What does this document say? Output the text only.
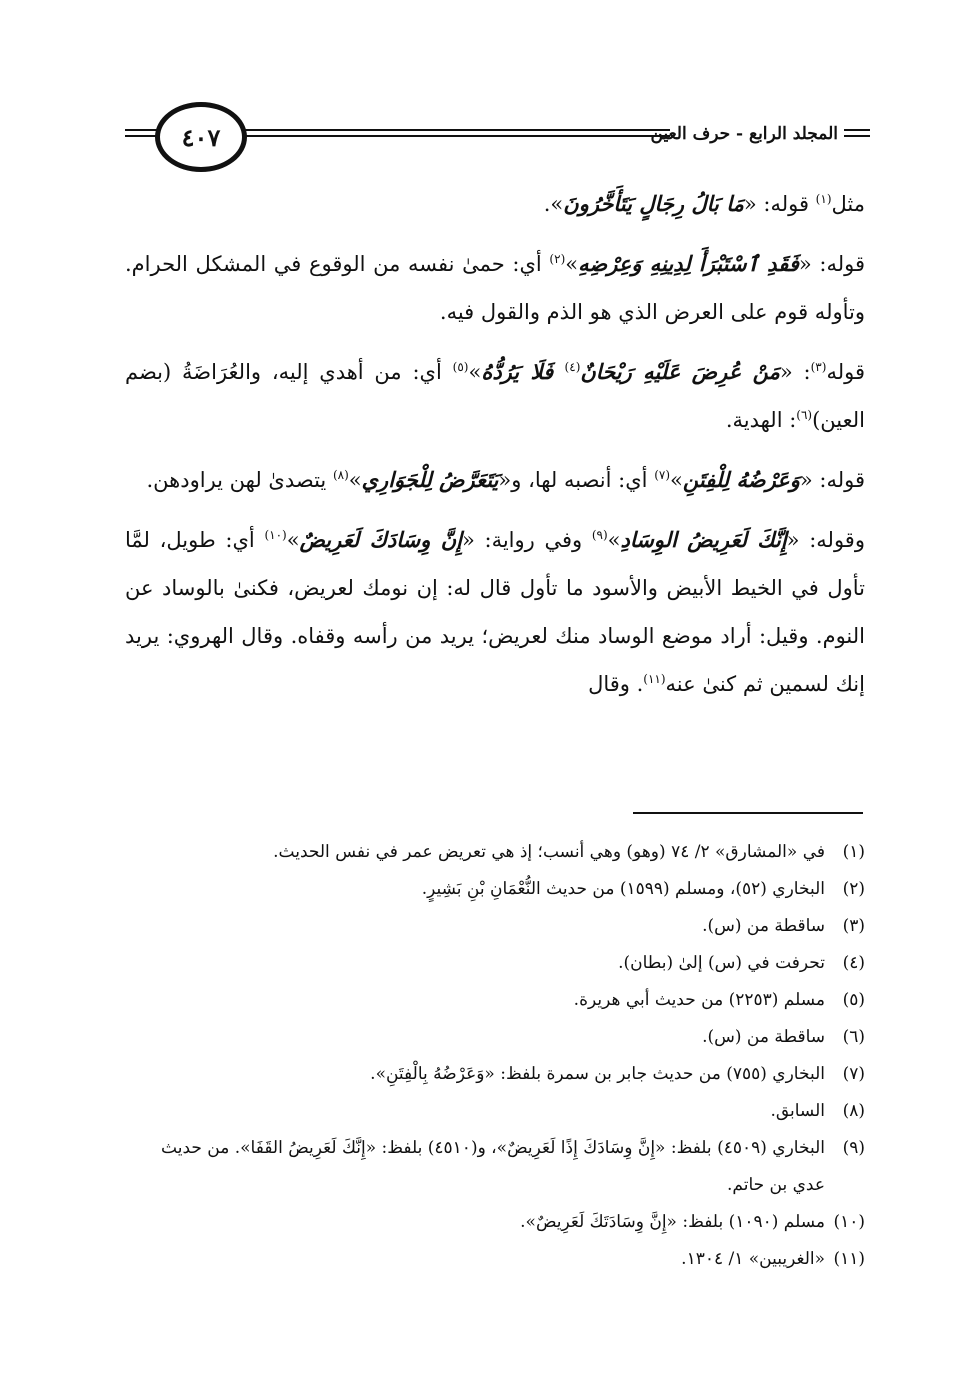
٤٠٧	المجلد الرابع - حرف العين

مثل$^{(١)}$ قوله: «مَا بَالُ رِجَالٍ يَتَأَخَّرُونَ».

قوله: «فَقَدِ ٱسْتَبْرَأَ لِدِينِهِ وَعِرْضِهِ»$^{(٢)}$ أي: حمىٰ نفسه من الوقوع في المشكل الحرام. وتأوله قوم على العرض الذي هو الذم والقول فيه.

قوله$^{(٣)}$: «مَنْ عُرِضَ عَلَيْهِ رَيْحَانٌ$^{(٤)}$ فَلَا يَرُدُّهُ»$^{(٥)}$ أي: من أهدي إليه، والعُرَاضَةُ (بضم العين)$^{(٦)}$: الهدية.

قوله: «وَعَرْضُهُ لِلْفِتَنِ»$^{(٧)}$ أي: أنصبه لها، و«يَتَعَرَّضُ لِلْجَوَارِي»$^{(٨)}$ يتصدىٰ لهن يراودهن.

وقوله: «إِنَّكَ لَعَرِيضُ الوِسَادِ»$^{(٩)}$ وفي رواية: «إِنَّ وِسَادَكَ لَعَرِيضٌ»$^{(١٠)}$ أي: طويل، لمَّا تأول في الخيط الأبيض والأسود ما تأول قال له: إن نومك لعريض، فكنىٰ بالوساد عن النوم. وقيل: أراد موضع الوساد منك لعريض؛ يريد من رأسه وقفاه. وقال الهروي: يريد إنك لسمين ثم كنىٰ عنه$^{(١١)}$. وقال

(١)
في «المشارق» ٢/ ٧٤ (وهو) وهي أنسب؛ إذ هي تعريض عمر في نفس الحديث.
(٢)
البخاري (٥٢)، ومسلم (١٥٩٩) من حديث النُّعْمَانِ بْنِ بَشِيرٍ.
(٣)
ساقطة من (س).
(٤)
تحرفت في (س) إلىٰ (بطان).
(٥)
مسلم (٢٢٥٣) من حديث أبي هريرة.
(٦)
ساقطة من (س).
(٧)
البخاري (٧٥٥) من حديث جابر بن سمرة بلفظ: «وَعَرْضُهُ بِالْفِتَنِ».
(٨)
السابق.
(٩)
البخاري (٤٥٠٩) بلفظ: «إِنَّ وِسَادَكَ إِذًا لَعَرِيضٌ»، و(٤٥١٠) بلفظ: «إِنَّكَ لَعَرِيضُ القَفَا». من حديث عدي بن حاتم.
(١٠)
مسلم (١٠٩٠) بلفظ: «إِنَّ وِسَادَتَكَ لَعَرِيضٌ».
(١١)
«الغريبين» ١/ ١٣٠٤.
